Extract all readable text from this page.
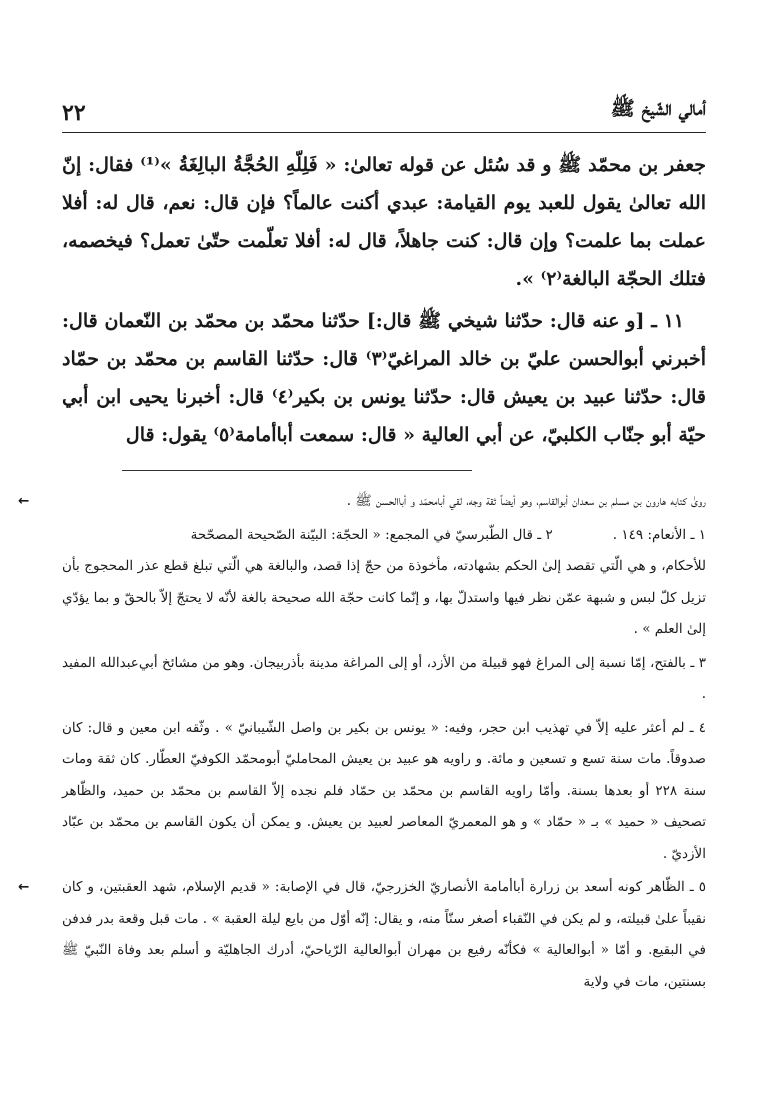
٢٢	أمالي الشّيخ ﷺ

جعفر بن محمّد ﷺ و قد سُئل عن قوله تعالىٰ: « فَلِلّهِ الحُجَّةُ البالِغَةُ »⁽¹⁾ فقال: إنّ الله تعالىٰ يقول للعبد يوم القيامة: عبدي أكنت عالماً؟ فإن قال: نعم، قال له: أفلا عملت بما علمت؟ وإن قال: كنت جاهلاً، قال له: أفلا تعلّمت حتّىٰ تعمل؟ فيخصمه، فتلك الحجّة البالغة⁽٢⁾ ».

١١ ـ [و عنه قال: حدّثنا شيخي ﷺ قال:] حدّثنا محمّد بن محمّد بن النّعمان قال: أخبرني أبوالحسن عليّ بن خالد المراغيّ⁽٣⁾ قال: حدّثنا القاسم بن محمّد بن حمّاد قال: حدّثنا عبيد بن يعيش قال: حدّثنا يونس بن بكير⁽٤⁾ قال: أخبرنا يحيى ابن أبي حيّة أبو جنّاب الكلبيّ، عن أبي العالية « قال: سمعت أباأمامة⁽٥⁾ يقول: قال

←	روىٰ كتابه هارون بن مسلم بن سعدان أبوالقاسم، وهو أيضاً ثقة وجه، لقي أبامحمّد و أباالحسن ﷺ .

١ ـ الأنعام: ١٤٩ .
٢ ـ قال الطّبرسيّ في المجمع: « الحجّة: البيّنة الصّحيحة المصحّحة

للأحكام، و هي الّتي تقصد إلىٰ الحكم بشهادته، مأخوذة من حجّ إذا قصد، والبالغة هي الّتي تبلغ قطع عذر المحجوج بأن تزيل كلّ لبس و شبهة عمّن نظر فيها واستدلّ بها، و إنّما كانت حجّة الله صحيحة بالغة لأنّه لا يحتجّ إلاّ بالحقّ و بما يؤدّي إلىٰ العلم » .

٣ ـ بالفتح، إمّا نسبة إلى المراغ فهو قبيلة من الأزد، أو إلى المراغة مدينة بأذربيجان. وهو من مشائخ أبي‌عبدالله المفيد .

٤ ـ لم أعثر عليه إلاّ في تهذيب ابن حجر، وفيه: « يونس بن بكير بن واصل الشّيبانيّ » . وثّقه ابن معين و قال: كان صدوقاً. مات سنة تسع و تسعين و مائة. و راويه هو عبيد بن يعيش المحامليّ أبومحمّد الكوفيّ العطّار. كان ثقة ومات سنة ٢٢٨ أو بعدها بسنة. وأمّا راويه القاسم بن محمّد بن حمّاد فلم نجده إلاّ القاسم بن محمّد بن حميد، والظّاهر تصحيف « حميد » بـ « حمّاد » و هو المعمريّ المعاصر لعبيد بن يعيش. و يمكن أن يكون القاسم بن محمّد بن عبّاد الأزديّ .

٥ ـ الظّاهر كونه أسعد بن زرارة أباأمامة الأنصاريّ الخزرجيّ، قال في الإصابة: « قديم الإسلام، شهد العقبتين، و كان نقيباً علىٰ قبيلته، و لم يكن في النّقباء أصغر سنّاً منه، و يقال: إنّه أوّل من بايع ليلة العقبة » . مات قبل وقعة بدر فدفن في البقيع. و أمّا « أبوالعالية » فكأنّه رفيع بن مهران أبوالعالية الرّياحيّ، أدرك الجاهليّة و أسلم بعد وفاة النّبيّ ﷺ بسنتين، مات في ولاية
←
